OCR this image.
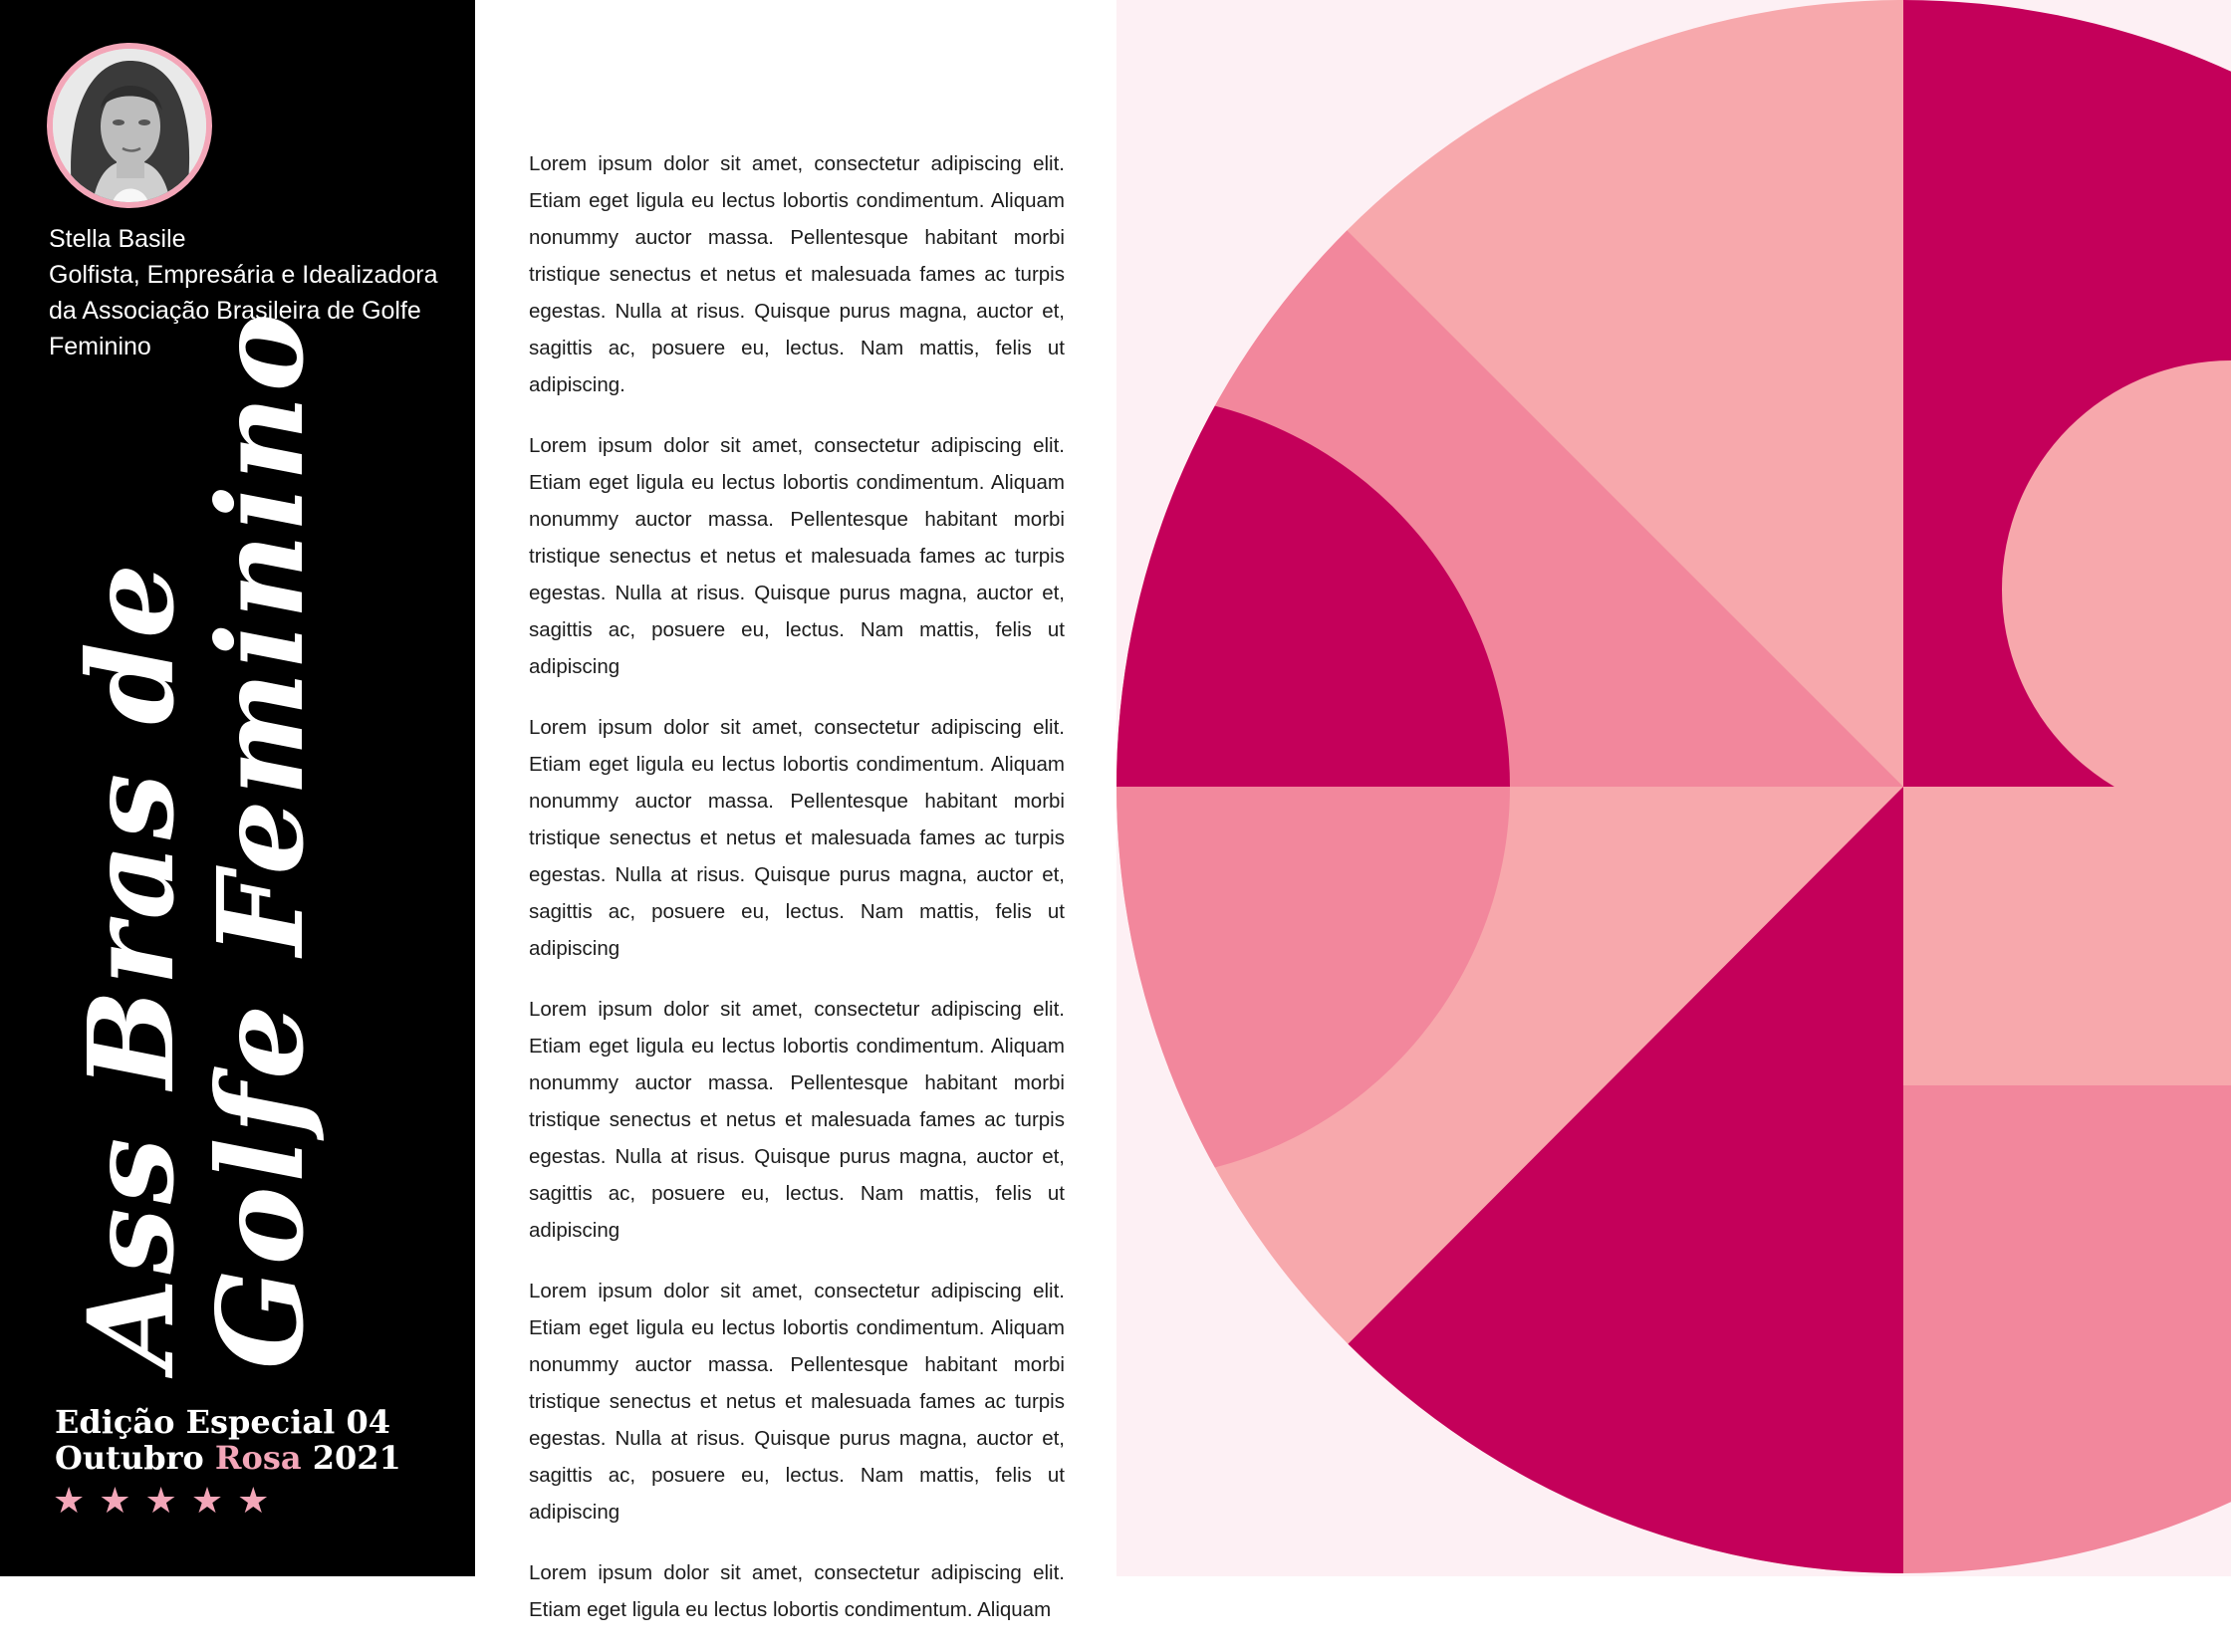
Stella Basile
Golfista, Empresária e Idealizadora da Associação Brasileira de Golfe Feminino
Ass Bras de
Golfe Feminino
Edição Especial 04
Outubro Rosa 2021
★★★★★

Lorem ipsum dolor sit amet, consectetur adipiscing elit. Etiam eget ligula eu lectus lobortis condimentum. Aliquam nonummy auctor massa. Pellentesque habitant morbi tristique senectus et netus et malesuada fames ac turpis egestas. Nulla at risus. Quisque purus magna, auctor et, sagittis ac, posuere eu, lectus. Nam mattis, felis ut adipiscing.

Lorem ipsum dolor sit amet, consectetur adipiscing elit. Etiam eget ligula eu lectus lobortis condimentum. Aliquam nonummy auctor massa. Pellentesque habitant morbi tristique senectus et netus et malesuada fames ac turpis egestas. Nulla at risus. Quisque purus magna, auctor et, sagittis ac, posuere eu, lectus. Nam mattis, felis ut adipiscing

Lorem ipsum dolor sit amet, consectetur adipiscing elit. Etiam eget ligula eu lectus lobortis condimentum. Aliquam nonummy auctor massa. Pellentesque habitant morbi tristique senectus et netus et malesuada fames ac turpis egestas. Nulla at risus. Quisque purus magna, auctor et, sagittis ac, posuere eu, lectus. Nam mattis, felis ut adipiscing

Lorem ipsum dolor sit amet, consectetur adipiscing elit. Etiam eget ligula eu lectus lobortis condimentum. Aliquam nonummy auctor massa. Pellentesque habitant morbi tristique senectus et netus et malesuada fames ac turpis egestas. Nulla at risus. Quisque purus magna, auctor et, sagittis ac, posuere eu, lectus. Nam mattis, felis ut adipiscing

Lorem ipsum dolor sit amet, consectetur adipiscing elit. Etiam eget ligula eu lectus lobortis condimentum. Aliquam nonummy auctor massa. Pellentesque habitant morbi tristique senectus et netus et malesuada fames ac turpis egestas. Nulla at risus. Quisque purus magna, auctor et, sagittis ac, posuere eu, lectus. Nam mattis, felis ut adipiscing

Lorem ipsum dolor sit amet, consectetur adipiscing elit. Etiam eget ligula eu lectus lobortis condimentum. Aliquam
